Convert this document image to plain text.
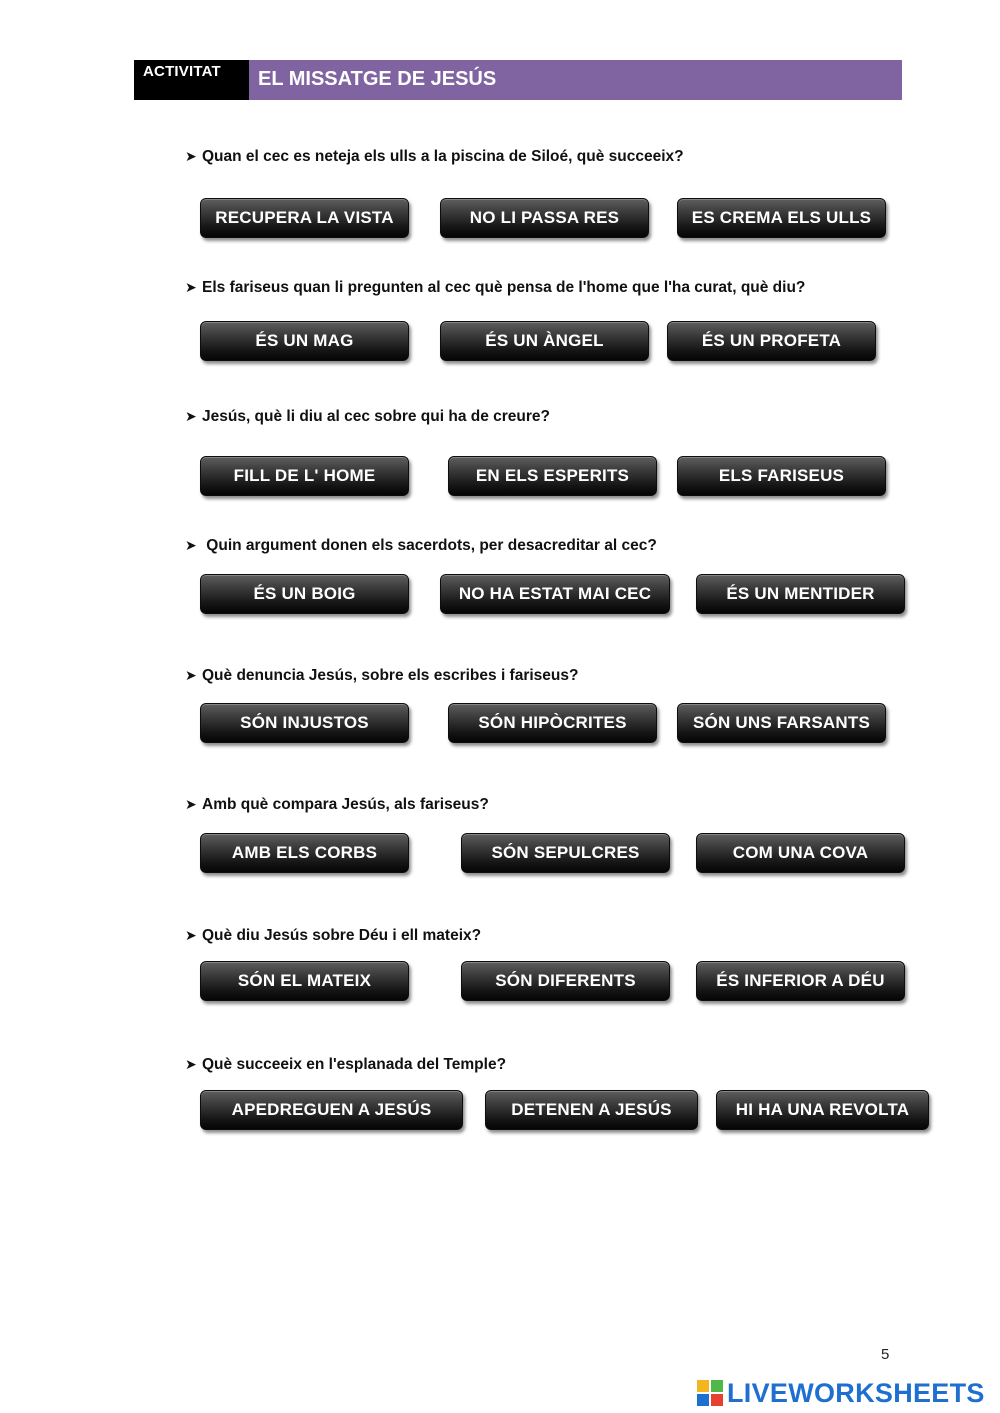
ACTIVITAT	EL MISSATGE DE JESÚS
➤ Quan el cec es neteja els ulls a la piscina de Siloé, què succeeix?
RECUPERA LA VISTA	NO LI PASSA RES	ES CREMA ELS ULLS
➤ Els fariseus quan li pregunten al cec què pensa de l'home que l'ha curat, què diu?
ÉS UN MAG	ÉS UN ÀNGEL	ÉS UN PROFETA
➤ Jesús, què li diu al cec sobre qui ha de creure?
FILL DE L' HOME	EN ELS ESPERITS	ELS FARISEUS
➤ Quin argument donen els sacerdots, per desacreditar al cec?
ÉS UN BOIG	NO HA ESTAT MAI CEC	ÉS UN MENTIDER
➤ Què denuncia Jesús, sobre els escribes i fariseus?
SÓN INJUSTOS	SÓN HIPÒCRITES	SÓN UNS FARSANTS
➤ Amb què compara Jesús, als fariseus?
AMB ELS CORBS	SÓN SEPULCRES	COM UNA COVA
➤ Què diu Jesús sobre Déu i ell mateix?
SÓN EL MATEIX	SÓN DIFERENTS	ÉS INFERIOR A DÉU
➤ Què succeeix en l'esplanada del Temple?
APEDREGUEN A JESÚS	DETENEN A JESÚS	HI HA UNA REVOLTA
5
LIVEWORKSHEETS
